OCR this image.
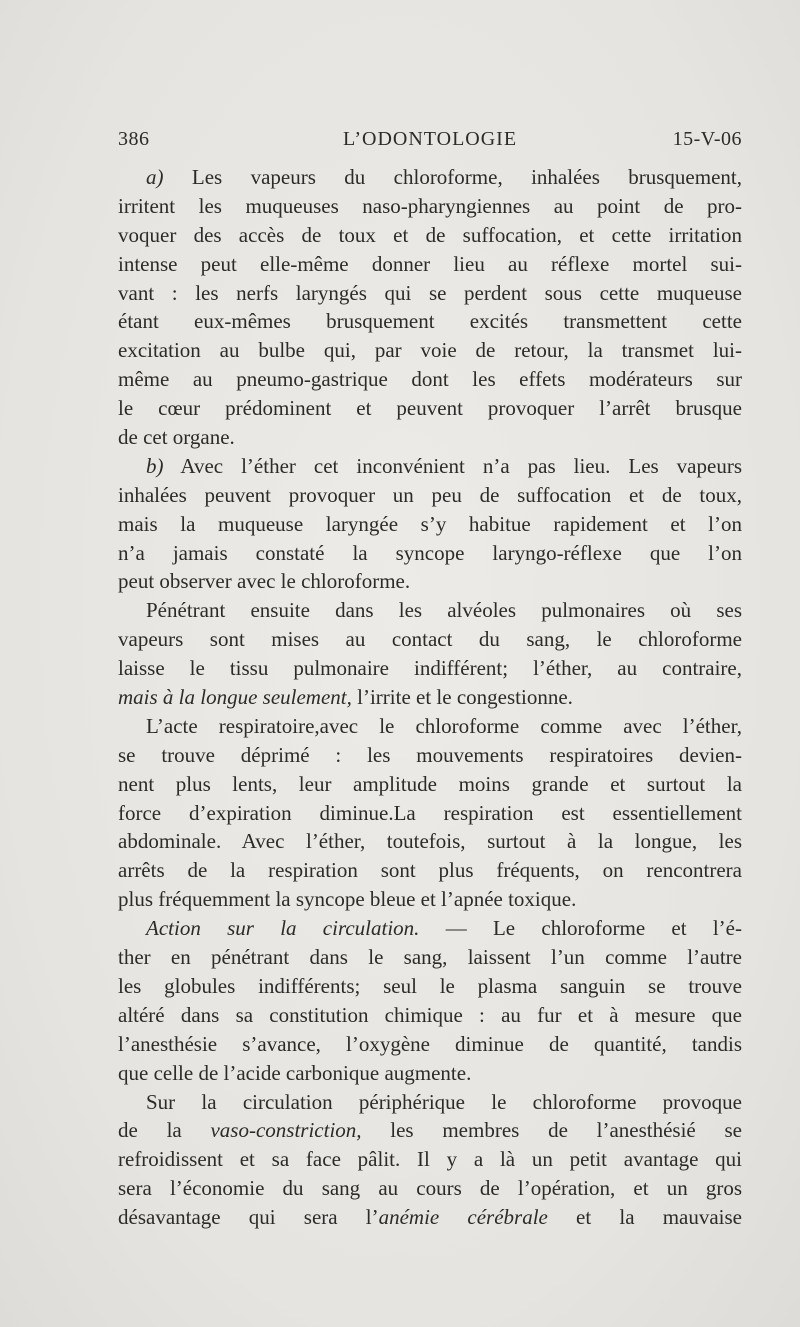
386	L’ODONTOLOGIE	15-V-06
a) Les vapeurs du chloroforme, inhalées brusquement,
irritent les muqueuses naso-pharyngiennes au point de pro-
voquer des accès de toux et de suffocation, et cette irritation
intense peut elle-même donner lieu au réflexe mortel sui-
vant : les nerfs laryngés qui se perdent sous cette muqueuse
étant eux-mêmes brusquement excités transmettent cette
excitation au bulbe qui, par voie de retour, la transmet lui-
même au pneumo-gastrique dont les effets modérateurs sur
le cœur prédominent et peuvent provoquer l’arrêt brusque
de cet organe.
b) Avec l’éther cet inconvénient n’a pas lieu. Les vapeurs
inhalées peuvent provoquer un peu de suffocation et de toux,
mais la muqueuse laryngée s’y habitue rapidement et l’on
n’a jamais constaté la syncope laryngo-réflexe que l’on
peut observer avec le chloroforme.
Pénétrant ensuite dans les alvéoles pulmonaires où ses
vapeurs sont mises au contact du sang, le chloroforme
laisse le tissu pulmonaire indifférent; l’éther, au contraire,
mais à la longue seulement, l’irrite et le congestionne.
L’acte respiratoire,avec le chloroforme comme avec l’éther,
se trouve déprimé : les mouvements respiratoires devien-
nent plus lents, leur amplitude moins grande et surtout la
force d’expiration diminue.La respiration est essentiellement
abdominale. Avec l’éther, toutefois, surtout à la longue, les
arrêts de la respiration sont plus fréquents, on rencontrera
plus fréquemment la syncope bleue et l’apnée toxique.
Action sur la circulation. — Le chloroforme et l’é-
ther en pénétrant dans le sang, laissent l’un comme l’autre
les globules indifférents; seul le plasma sanguin se trouve
altéré dans sa constitution chimique : au fur et à mesure que
l’anesthésie s’avance, l’oxygène diminue de quantité, tandis
que celle de l’acide carbonique augmente.
Sur la circulation périphérique le chloroforme provoque
de la vaso-constriction, les membres de l’anesthésié se
refroidissent et sa face pâlit. Il y a là un petit avantage qui
sera l’économie du sang au cours de l’opération, et un gros
désavantage qui sera l’anémie cérébrale et la mauvaise
